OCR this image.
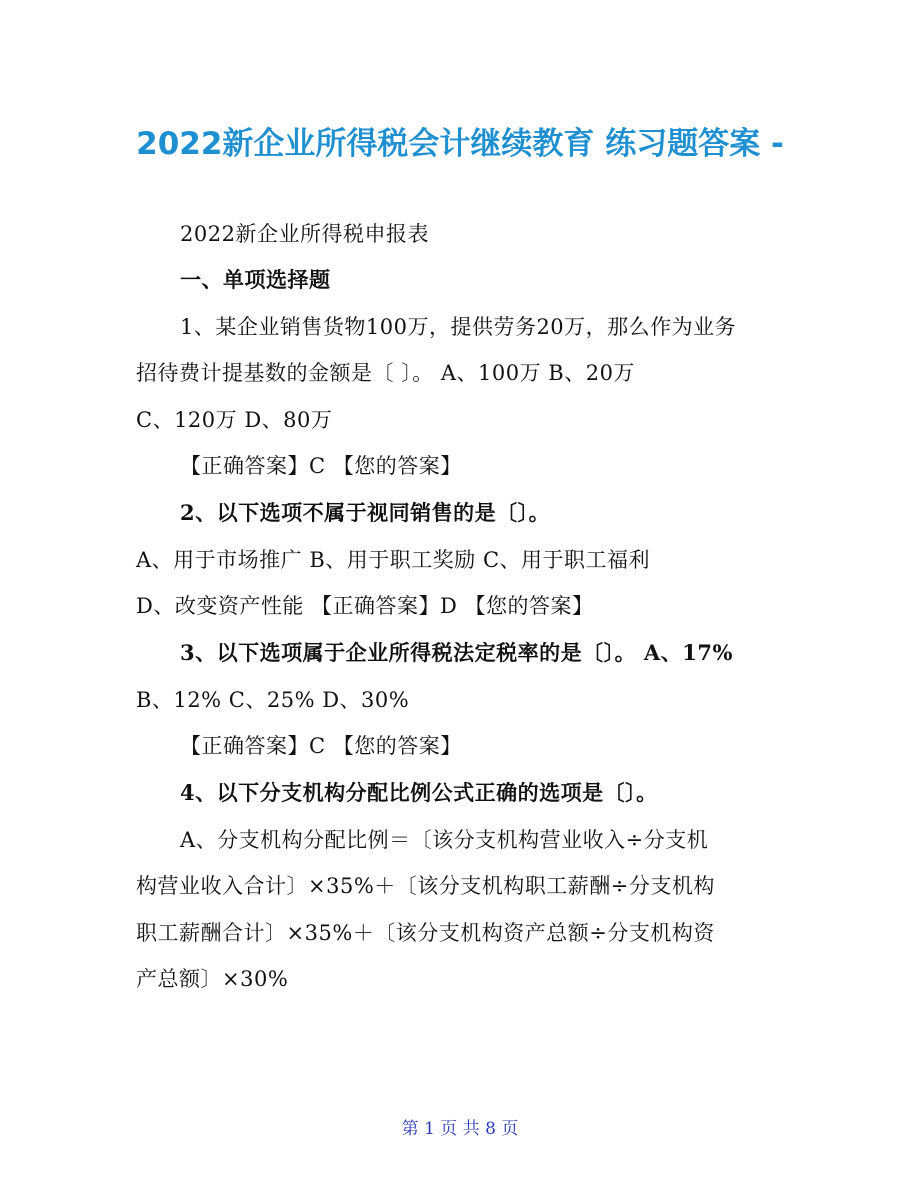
2022新企业所得税会计继续教育 练习题答案 -
2022新企业所得税申报表
一、单项选择题
1、某企业销售货物100万，提供劳务20万，那么作为业务
招待费计提基数的金额是〔 〕。 A、100万 B、20万
C、120万 D、80万
【正确答案】C 【您的答案】
2、以下选项不属于视同销售的是〔〕。
A、用于市场推广 B、用于职工奖励 C、用于职工福利
D、改变资产性能 【正确答案】D 【您的答案】
3、以下选项属于企业所得税法定税率的是〔〕。 A、17%
B、12% C、25% D、30%
【正确答案】C 【您的答案】
4、以下分支机构分配比例公式正确的选项是〔〕。
A、分支机构分配比例＝〔该分支机构营业收入÷分支机
构营业收入合计〕×35%＋〔该分支机构职工薪酬÷分支机构
职工薪酬合计〕×35%＋〔该分支机构资产总额÷分支机构资
产总额〕×30%
第 1 页 共 8 页
